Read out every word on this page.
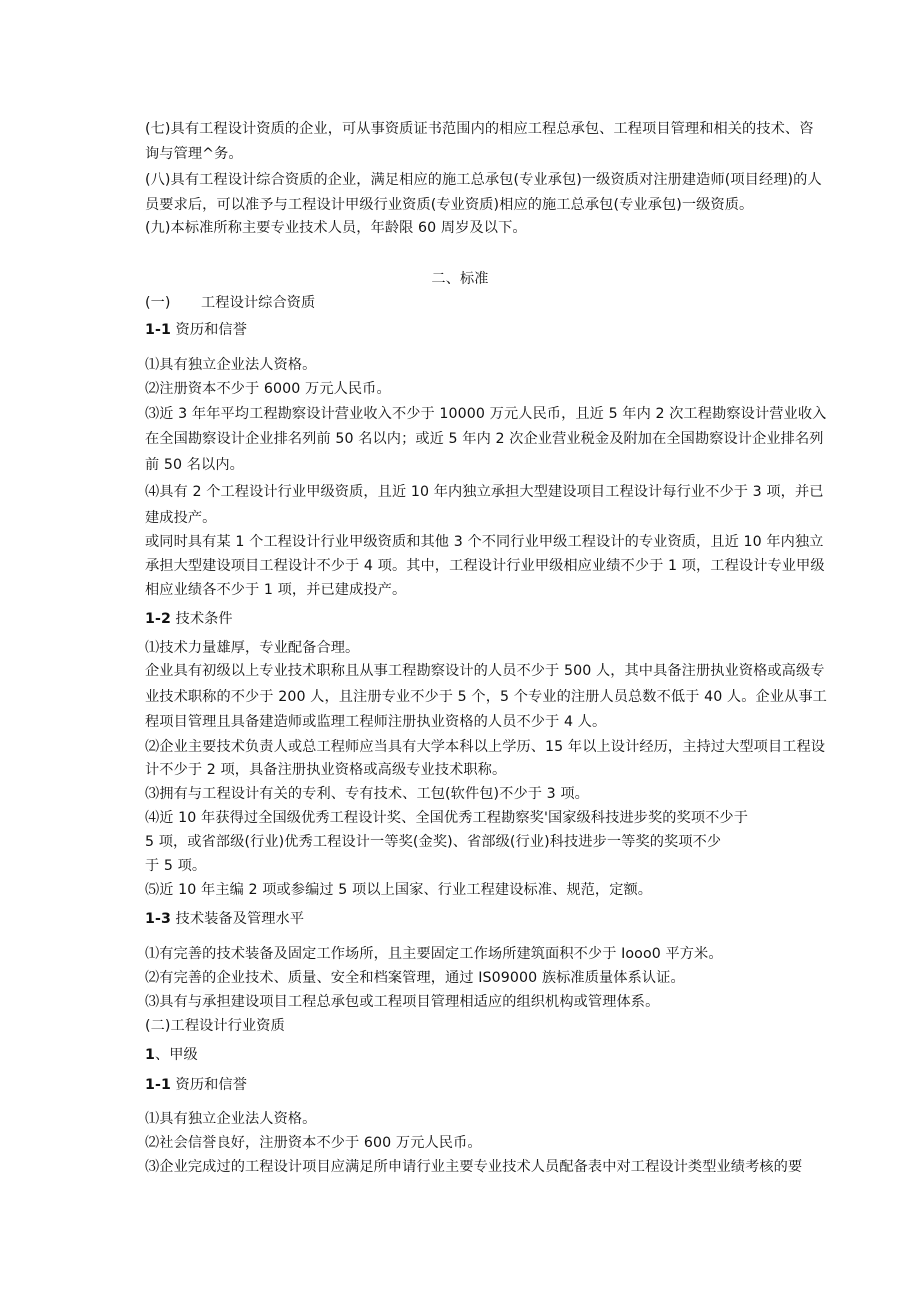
(七)具有工程设计资质的企业，可从事资质证书范围内的相应工程总承包、工程项目管理和相关的技术、咨

询与管理^务。

(八)具有工程设计综合资质的企业，满足相应的施工总承包(专业承包)一级资质对注册建造师(项目经理)的人

员要求后，可以准予与工程设计甲级行业资质(专业资质)相应的施工总承包(专业承包)一级资质。

(九)本标准所称主要专业技术人员，年龄限 60 周岁及以下。

二、标准

(一) 工程设计综合资质

1-1 资历和信誉

⑴具有独立企业法人资格。

⑵注册资本不少于 6000 万元人民币。

⑶近 3 年年平均工程勘察设计营业收入不少于 10000 万元人民币，且近 5 年内 2 次工程勘察设计营业收入

在全国勘察设计企业排名列前 50 名以内；或近 5 年内 2 次企业营业税金及附加在全国勘察设计企业排名列

前 50 名以内。

⑷具有 2 个工程设计行业甲级资质，且近 10 年内独立承担大型建设项目工程设计每行业不少于 3 项，并已

建成投产。

或同时具有某 1 个工程设计行业甲级资质和其他 3 个不同行业甲级工程设计的专业资质，且近 10 年内独立

承担大型建设项目工程设计不少于 4 项。其中，工程设计行业甲级相应业绩不少于 1 项，工程设计专业甲级

相应业绩各不少于 1 项，并已建成投产。

1-2 技术条件

⑴技术力量雄厚，专业配备合理。

企业具有初级以上专业技术职称且从事工程勘察设计的人员不少于 500 人，其中具备注册执业资格或高级专

业技术职称的不少于 200 人，且注册专业不少于 5 个，5 个专业的注册人员总数不低于 40 人。企业从事工

程项目管理且具备建造师或监理工程师注册执业资格的人员不少于 4 人。

⑵企业主要技术负责人或总工程师应当具有大学本科以上学历、15 年以上设计经历，主持过大型项目工程设

计不少于 2 项，具备注册执业资格或高级专业技术职称。

⑶拥有与工程设计有关的专利、专有技术、工包(软件包)不少于 3 项。

⑷近 10 年获得过全国级优秀工程设计奖、全国优秀工程勘察奖'国家级科技进步奖的奖项不少于

5 项，或省部级(行业)优秀工程设计一等奖(金奖)、省部级(行业)科技进步一等奖的奖项不少

于 5 项。

⑸近 10 年主编 2 项或参编过 5 项以上国家、行业工程建设标准、规范，定额。

1-3 技术装备及管理水平

⑴有完善的技术装备及固定工作场所，且主要固定工作场所建筑面积不少于 Iooo0 平方米。

⑵有完善的企业技术、质量、安全和档案管理，通过 IS09000 族标准质量体系认证。

⑶具有与承担建设项目工程总承包或工程项目管理相适应的组织机构或管理体系。

(二)工程设计行业资质

1、甲级

1-1 资历和信誉

⑴具有独立企业法人资格。

⑵社会信誉良好，注册资本不少于 600 万元人民币。

⑶企业完成过的工程设计项目应满足所申请行业主要专业技术人员配备表中对工程设计类型业绩考核的要
